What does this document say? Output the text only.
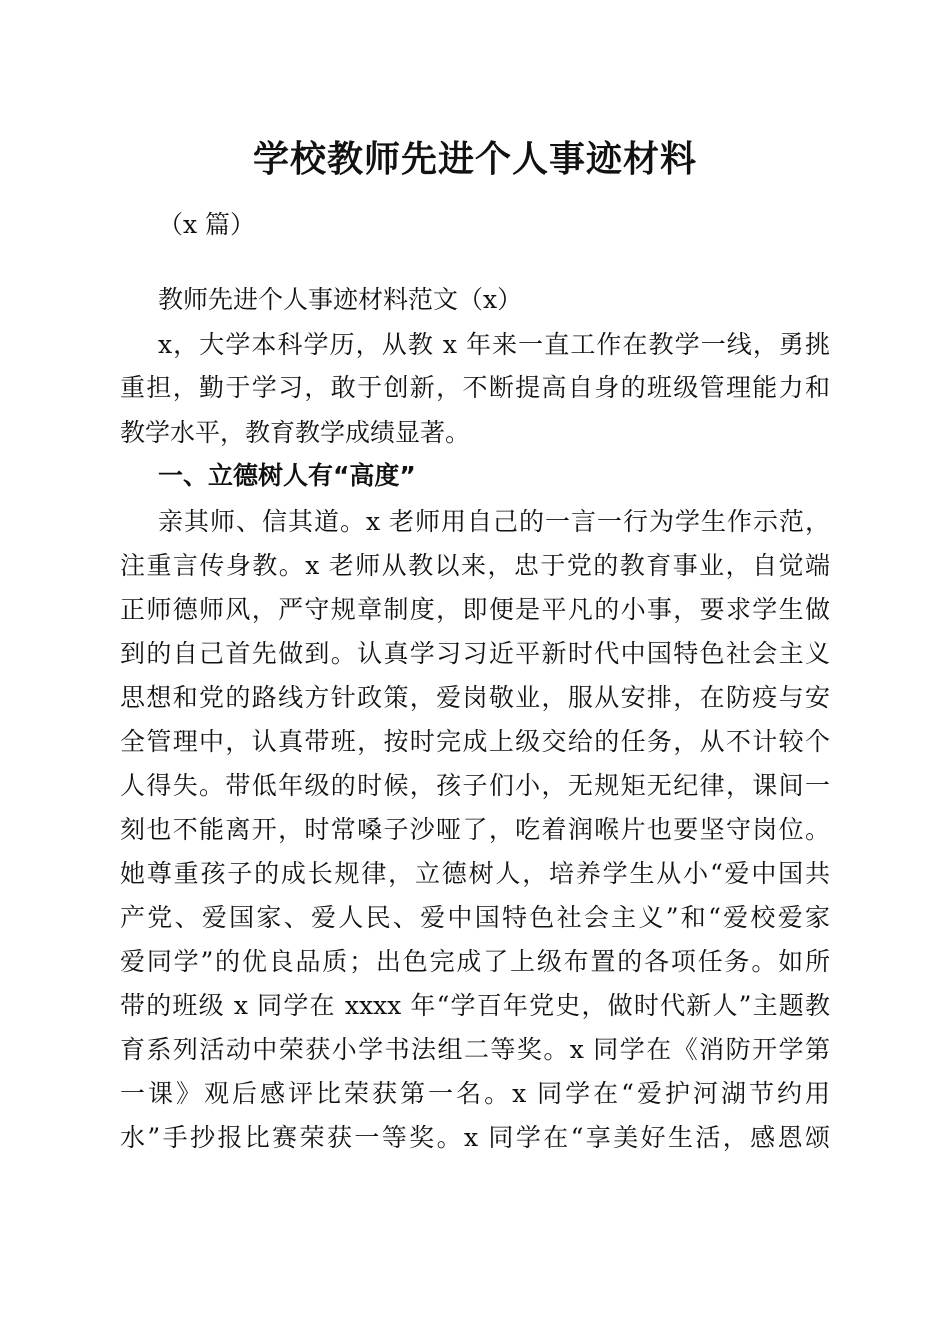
学校教师先进个人事迹材料
（x 篇）
教师先进个人事迹材料范文（x）
x，大学本科学历，从教 x 年来一直工作在教学一线，勇挑
重担，勤于学习，敢于创新，不断提高自身的班级管理能力和
教学水平，教育教学成绩显著。
一、立德树人有“高度”
亲其师、信其道。x 老师用自己的一言一行为学生作示范，
注重言传身教。x 老师从教以来，忠于党的教育事业，自觉端
正师德师风，严守规章制度，即便是平凡的小事，要求学生做
到的自己首先做到。认真学习习近平新时代中国特色社会主义
思想和党的路线方针政策，爱岗敬业，服从安排，在防疫与安
全管理中，认真带班，按时完成上级交给的任务，从不计较个
人得失。带低年级的时候，孩子们小，无规矩无纪律，课间一
刻也不能离开，时常嗓子沙哑了，吃着润喉片也要坚守岗位。
她尊重孩子的成长规律，立德树人，培养学生从小“爱中国共
产党、爱国家、爱人民、爱中国特色社会主义”和“爱校爱家
爱同学”的优良品质；出色完成了上级布置的各项任务。如所
带的班级 x 同学在 xxxx 年“学百年党史，做时代新人”主题教
育系列活动中荣获小学书法组二等奖。x 同学在《消防开学第
一课》观后感评比荣获第一名。x 同学在“爱护河湖节约用
水”手抄报比赛荣获一等奖。x 同学在“享美好生活，感恩颂
